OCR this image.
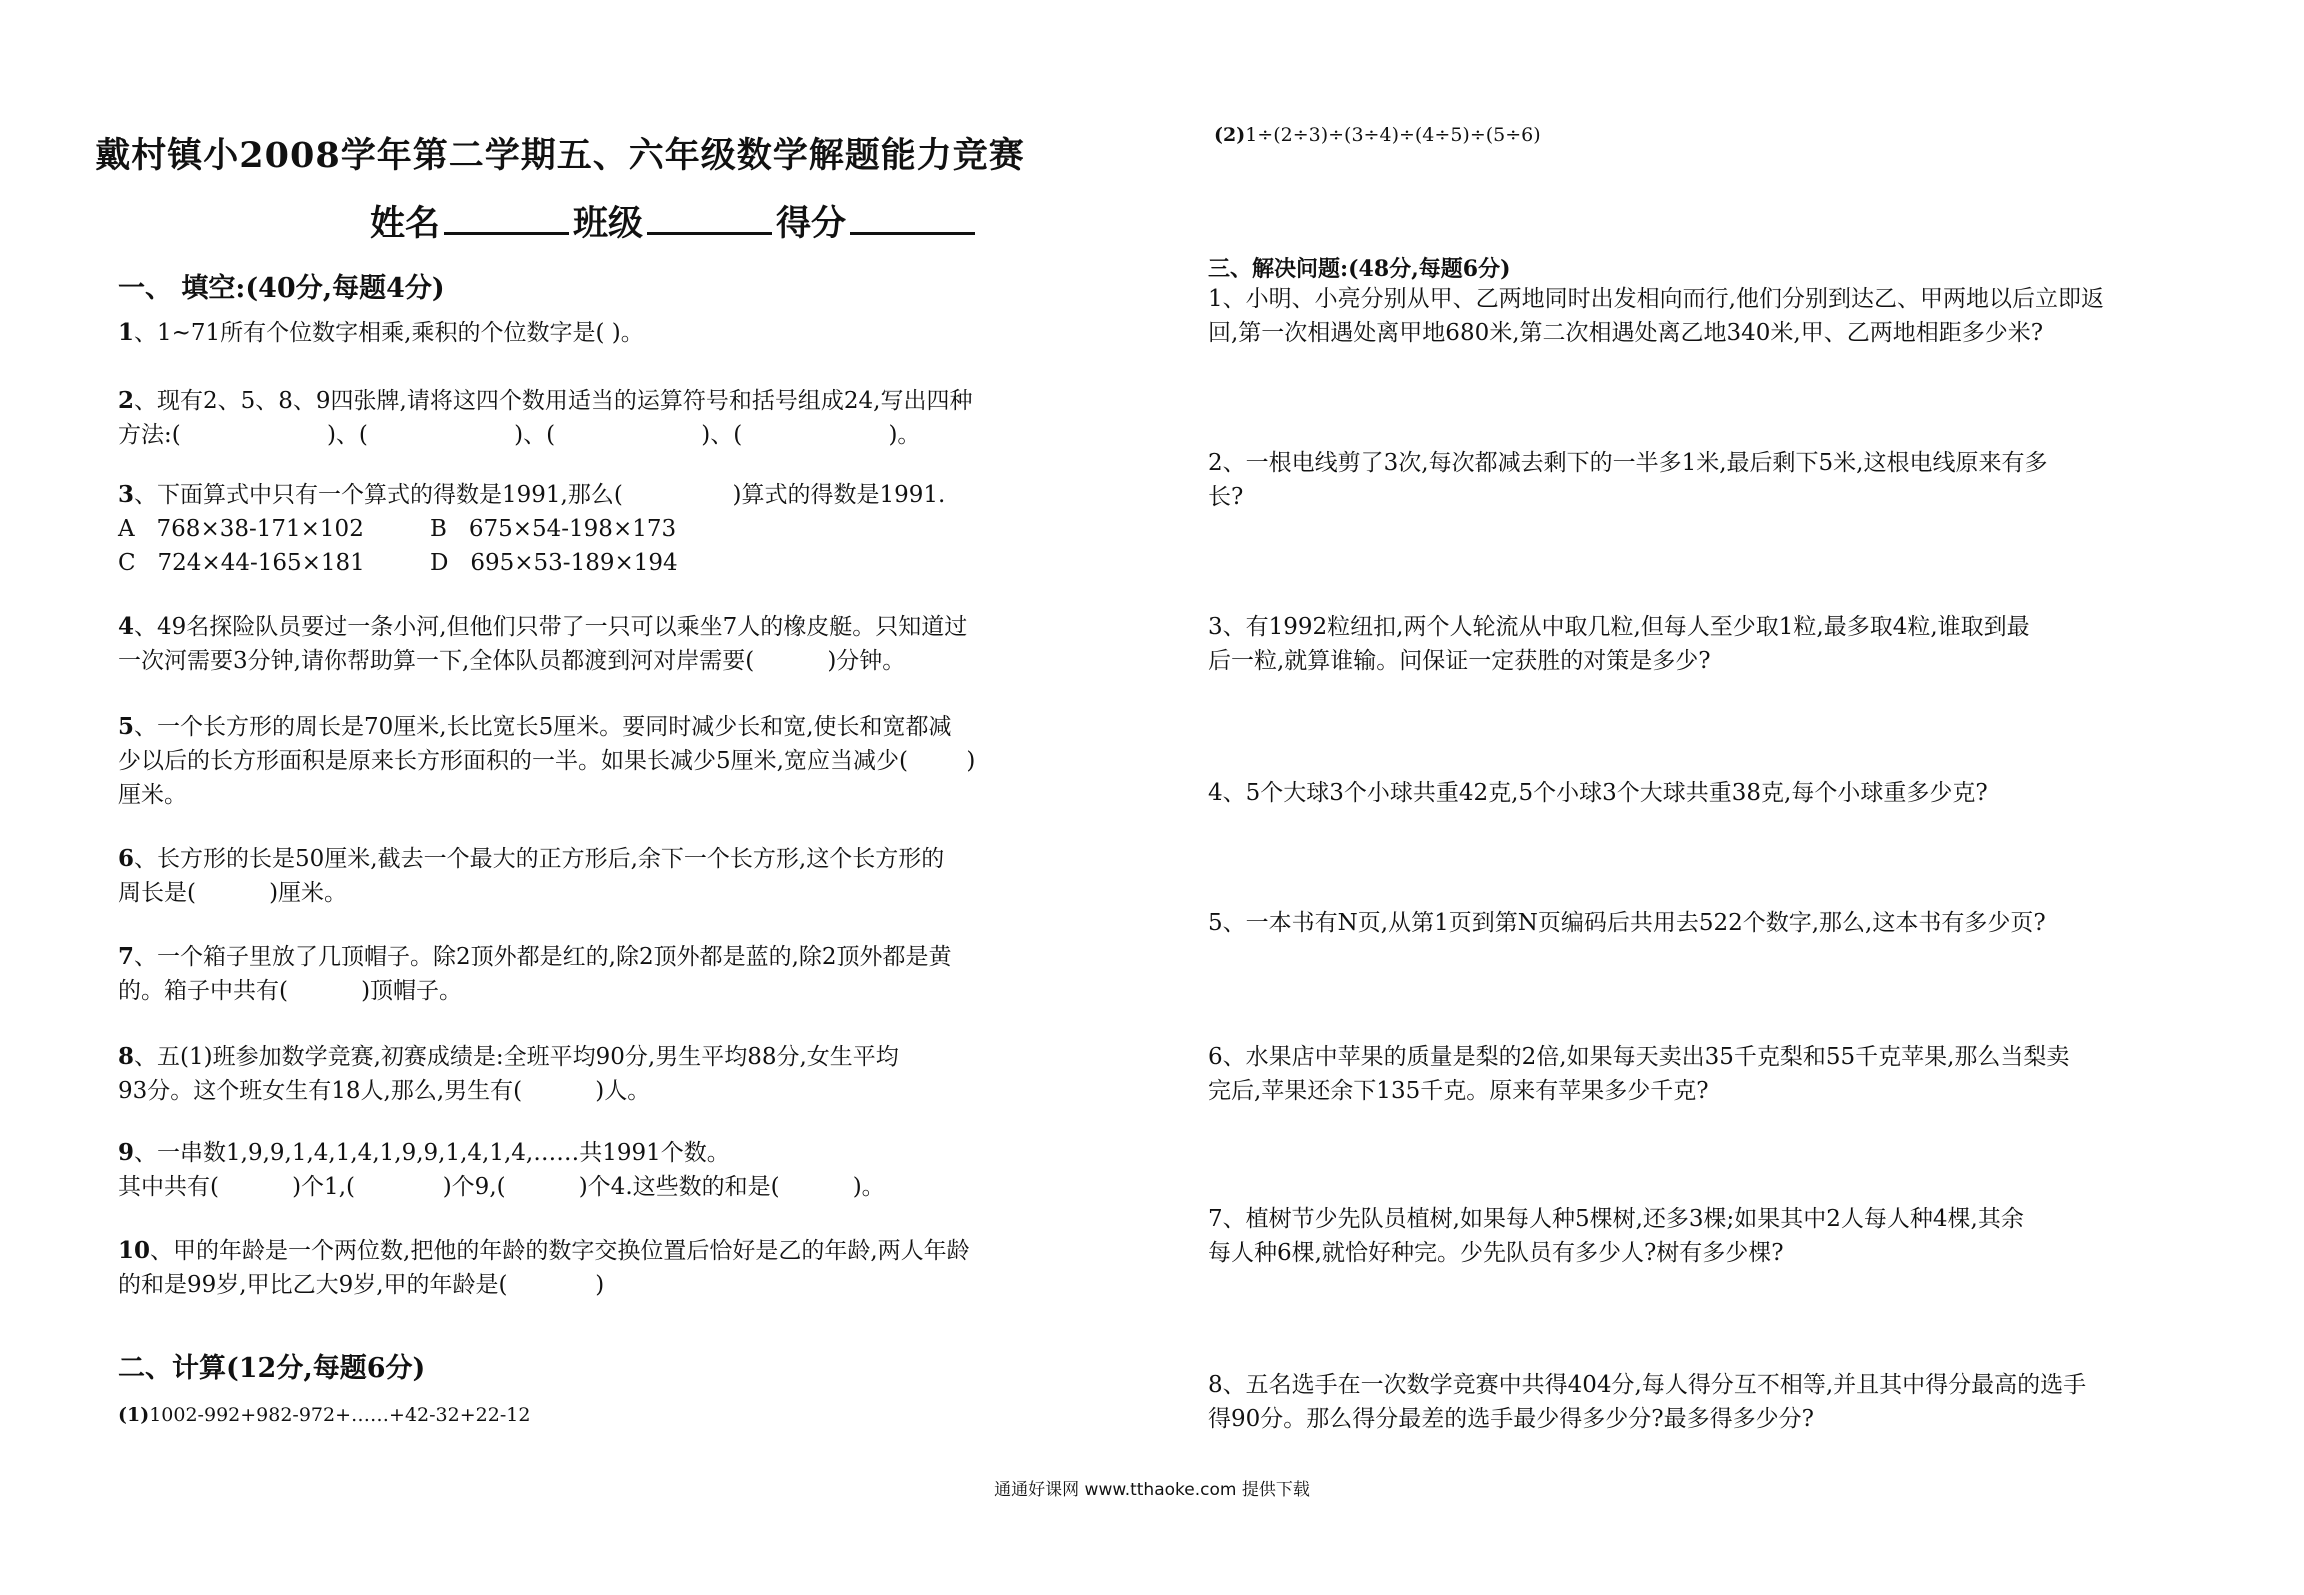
戴村镇小2008学年第二学期五、六年级数学解题能力竞赛
姓名	班级	得分
一、 填空:(40分,每题4分)
1、1~71所有个位数字相乘,乘积的个位数字是( )。
2、现有2、5、8、9四张牌,请将这四个数用适当的运算符号和括号组成24,写出四种
方法:(                    )、(                    )、(                    )、(                    )。
3、下面算式中只有一个算式的得数是1991,那么(               )算式的得数是1991.
A   768×38-171×102	B   675×54-198×173
C   724×44-165×181	D   695×53-189×194
4、49名探险队员要过一条小河,但他们只带了一只可以乘坐7人的橡皮艇。只知道过
一次河需要3分钟,请你帮助算一下,全体队员都渡到河对岸需要(          )分钟。
5、一个长方形的周长是70厘米,长比宽长5厘米。要同时减少长和宽,使长和宽都减
少以后的长方形面积是原来长方形面积的一半。如果长减少5厘米,宽应当减少(        )
厘米。
6、长方形的长是50厘米,截去一个最大的正方形后,余下一个长方形,这个长方形的
周长是(          )厘米。
7、一个箱子里放了几顶帽子。除2顶外都是红的,除2顶外都是蓝的,除2顶外都是黄
的。箱子中共有(          )顶帽子。
8、五(1)班参加数学竞赛,初赛成绩是:全班平均90分,男生平均88分,女生平均
93分。这个班女生有18人,那么,男生有(          )人。
9、一串数1,9,9,1,4,1,4,1,9,9,1,4,1,4,……共1991个数。
其中共有(          )个1,(            )个9,(          )个4.这些数的和是(          )。
10、甲的年龄是一个两位数,把他的年龄的数字交换位置后恰好是乙的年龄,两人年龄
的和是99岁,甲比乙大9岁,甲的年龄是(            )
二、计算(12分,每题6分)
(1)1002-992+982-972+……+42-32+22-12
(2)1÷(2÷3)÷(3÷4)÷(4÷5)÷(5÷6)
三、解决问题:(48分,每题6分)
1、小明、小亮分别从甲、乙两地同时出发相向而行,他们分别到达乙、甲两地以后立即返
回,第一次相遇处离甲地680米,第二次相遇处离乙地340米,甲、乙两地相距多少米?
2、一根电线剪了3次,每次都减去剩下的一半多1米,最后剩下5米,这根电线原来有多
长?
3、有1992粒纽扣,两个人轮流从中取几粒,但每人至少取1粒,最多取4粒,谁取到最
后一粒,就算谁输。问保证一定获胜的对策是多少?
4、5个大球3个小球共重42克,5个小球3个大球共重38克,每个小球重多少克?
5、一本书有N页,从第1页到第N页编码后共用去522个数字,那么,这本书有多少页?
6、水果店中苹果的质量是梨的2倍,如果每天卖出35千克梨和55千克苹果,那么当梨卖
完后,苹果还余下135千克。原来有苹果多少千克?
7、植树节少先队员植树,如果每人种5棵树,还多3棵;如果其中2人每人种4棵,其余
每人种6棵,就恰好种完。少先队员有多少人?树有多少棵?
8、五名选手在一次数学竞赛中共得404分,每人得分互不相等,并且其中得分最高的选手
得90分。那么得分最差的选手最少得多少分?最多得多少分?
通通好课网 www.tthaoke.com 提供下载
